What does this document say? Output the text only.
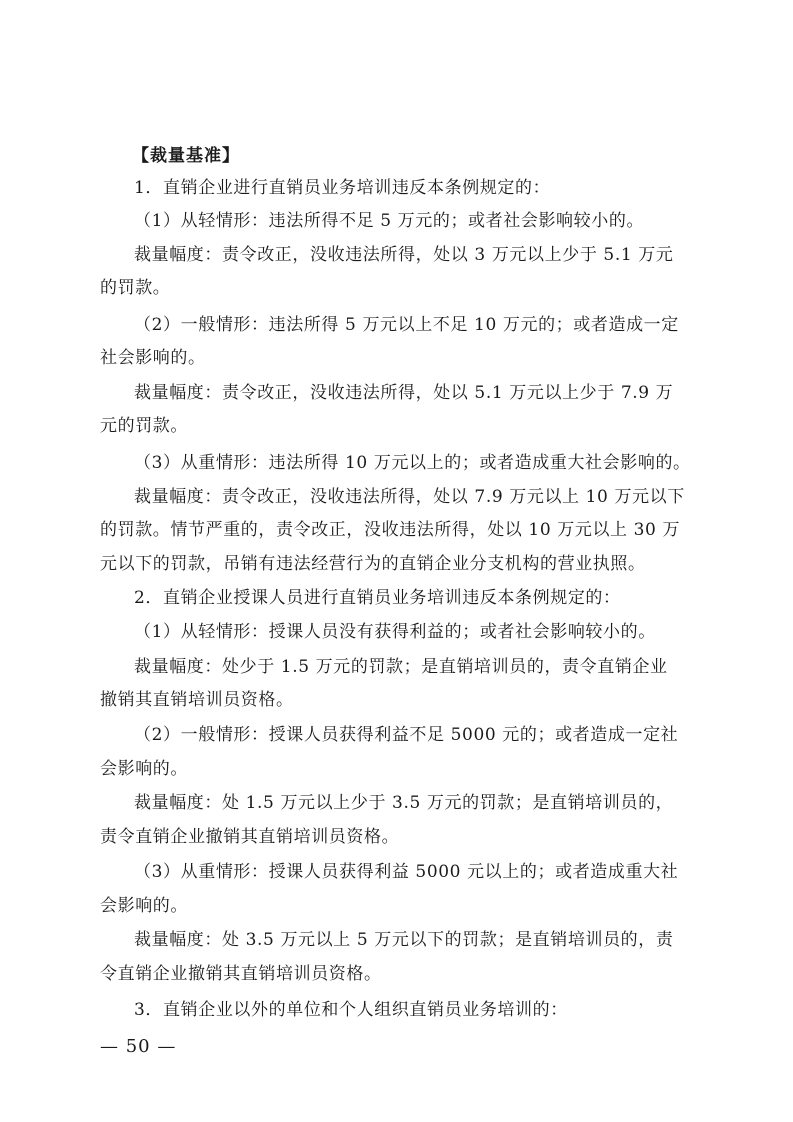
【裁量基准】
1．直销企业进行直销员业务培训违反本条例规定的：
（1）从轻情形：违法所得不足 5 万元的；或者社会影响较小的。
裁量幅度：责令改正，没收违法所得，处以 3 万元以上少于 5.1 万元
的罚款。
（2）一般情形：违法所得 5 万元以上不足 10 万元的；或者造成一定
社会影响的。
裁量幅度：责令改正，没收违法所得，处以 5.1 万元以上少于 7.9 万
元的罚款。
（3）从重情形：违法所得 10 万元以上的；或者造成重大社会影响的。
裁量幅度：责令改正，没收违法所得，处以 7.9 万元以上 10 万元以下
的罚款。情节严重的，责令改正，没收违法所得，处以 10 万元以上 30 万
元以下的罚款，吊销有违法经营行为的直销企业分支机构的营业执照。
2．直销企业授课人员进行直销员业务培训违反本条例规定的：
（1）从轻情形：授课人员没有获得利益的；或者社会影响较小的。
裁量幅度：处少于 1.5 万元的罚款；是直销培训员的，责令直销企业
撤销其直销培训员资格。
（2）一般情形：授课人员获得利益不足 5000 元的；或者造成一定社
会影响的。
裁量幅度：处 1.5 万元以上少于 3.5 万元的罚款；是直销培训员的，
责令直销企业撤销其直销培训员资格。
（3）从重情形：授课人员获得利益 5000 元以上的；或者造成重大社
会影响的。
裁量幅度：处 3.5 万元以上 5 万元以下的罚款；是直销培训员的，责
令直销企业撤销其直销培训员资格。
3．直销企业以外的单位和个人组织直销员业务培训的：
— 50 —
